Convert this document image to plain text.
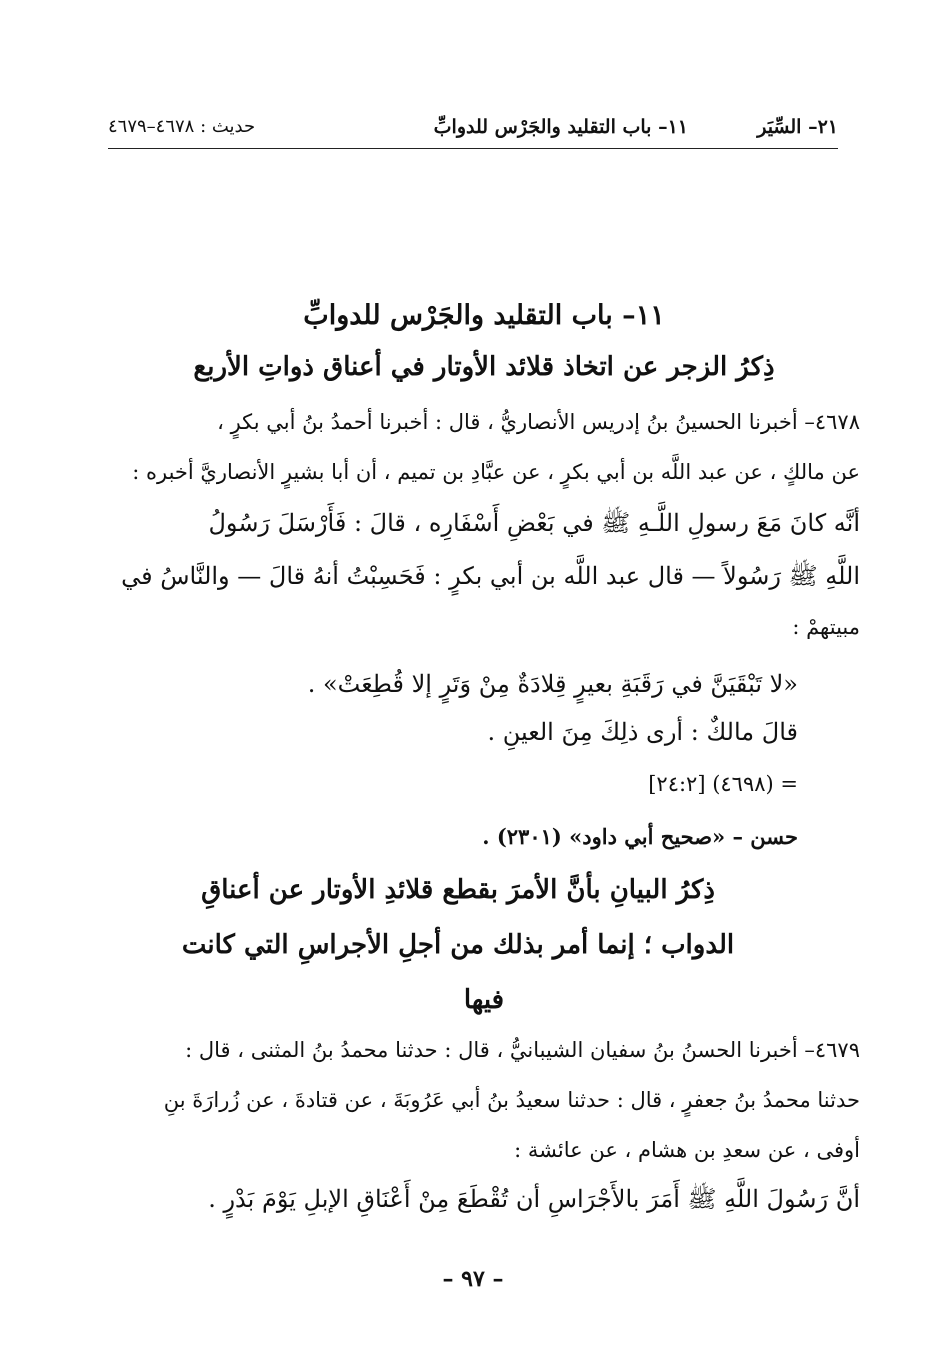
٢١– السِّيَر
١١– باب التقليد والجَرْس للدوابِّ
حديث : ٤٦٧٨–٤٦٧٩
١١– باب التقليد والجَرْس للدوابِّ
ذِكرُ الزجر عن اتخاذ قلائد الأوتار في أعناق ذواتِ الأربع
٤٦٧٨– أخبرنا الحسينُ بنُ إدريس الأنصاريُّ ، قال : أخبرنا أحمدُ بنُ أبي بكرٍ ،
عن مالكٍ ، عن عبد اللَّه بن أبي بكرٍ ، عن عبَّادِ بن تميم ، أن أبا بشيرٍ الأنصاريَّ أخبره :
أنَّه كانَ مَعَ رسولِ اللَّـهِ ﷺ في بَعْضِ أَسْفَارِه ، قالَ : فَأَرْسَلَ رَسُولُ
اللَّهِ ﷺ رَسُولاً — قال عبد اللَّه بن أبي بكرٍ : فَحَسِبْتُ أنهُ قالَ — والنَّاسُ في
مبيتهمْ :
«لا تَبْقَيَنَّ في رَقَبَةِ بعيرٍ قِلادَةٌ مِنْ وَتَرٍ إلا قُطِعَتْ» .
قالَ مالكٌ : أرى ذلِكَ مِنَ العينِ .
= (٤٦٩٨) [٢٤:٢]
حسن – «صحيح أبي داود» (٢٣٠١) .
ذِكرُ البيانِ بأنَّ الأمرَ بقطع قلائدِ الأوتار عن أعناقِ
الدواب ؛ إنما أمر بذلك من أجلِ الأجراسِ التي كانت
فيها
٤٦٧٩– أخبرنا الحسنُ بنُ سفيان الشيبانيُّ ، قال : حدثنا محمدُ بنُ المثنى ، قال :
حدثنا محمدُ بنُ جعفرٍ ، قال : حدثنا سعيدُ بنُ أبي عَرُوبَةَ ، عن قتادةَ ، عن زُرارَةَ بنِ
أوفى ، عن سعدِ بن هشام ، عن عائشة :
أنَّ رَسُولَ اللَّهِ ﷺ أَمَرَ بالأَجْرَاسِ أن تُقْطَعَ مِنْ أَعْنَاقِ الإبلِ يَوْمَ بَدْرٍ .
– ٩٧ –
